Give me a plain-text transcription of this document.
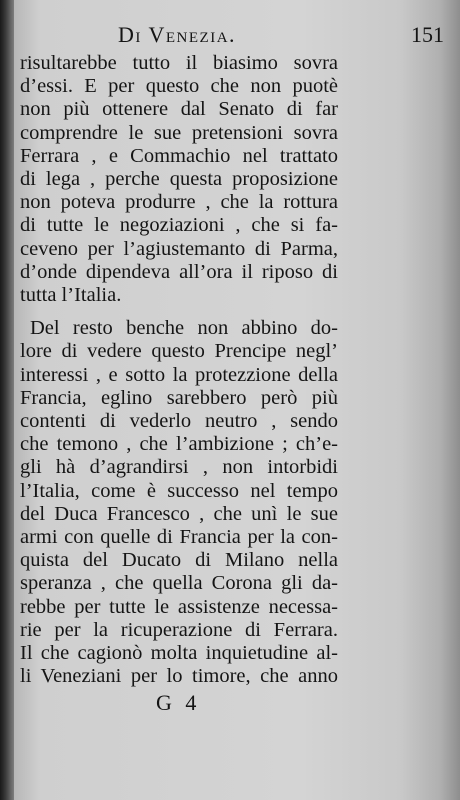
Di Venezia.	151
risultarebbe tutto il biasimo sovra
d’essi. E per questo che non puotè
non più ottenere dal Senato di far
comprendre le sue pretensioni sovra
Ferrara , e Commachio nel trattato
di lega , perche questa proposizione
non poteva produrre , che la rottura
di tutte le negoziazioni , che si fa-
ceveno per l’agiustemanto di Parma,
d’onde dipendeva all’ora il riposo di
tutta l’Italia.
Del resto benche non abbino do-
lore di vedere questo Prencipe negl’
interessi , e sotto la protezzione della
Francia, eglino sarebbero però più
contenti di vederlo neutro , sendo
che temono , che l’ambizione ; ch’e-
gli hà d’agrandirsi , non intorbidi
l’Italia, come è successo nel tempo
del Duca Francesco , che unì le sue
armi con quelle di Francia per la con-
quista del Ducato di Milano nella
speranza , che quella Corona gli da-
rebbe per tutte le assistenze necessa-
rie per la ricuperazione di Ferrara.
Il che cagionò molta inquietudine al-
li Veneziani per lo timore, che anno
G 4
